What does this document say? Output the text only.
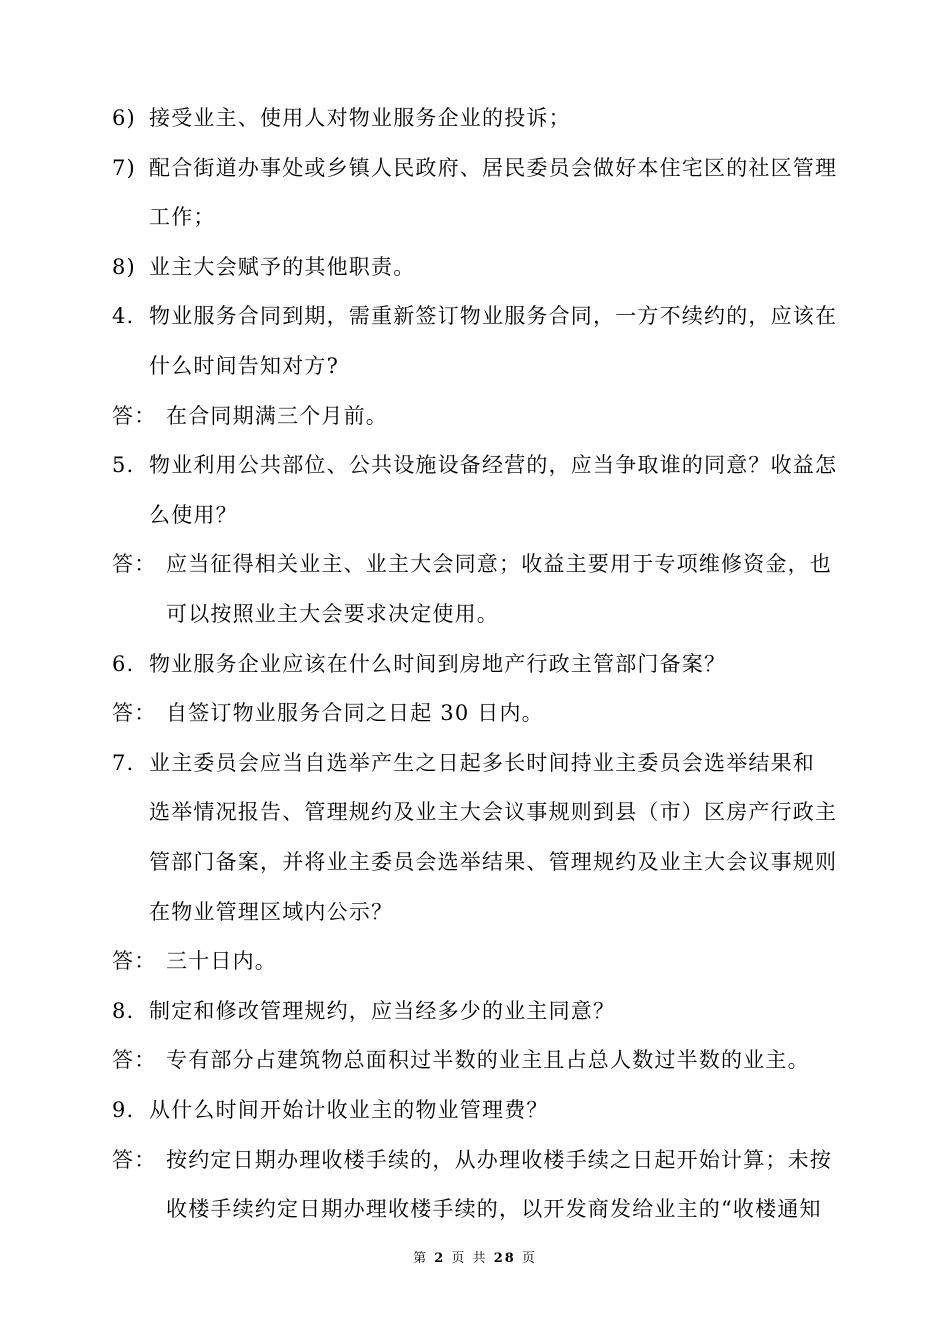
6) 接受业主、使用人对物业服务企业的投诉；
7) 配合街道办事处或乡镇人民政府、居民委员会做好本住宅区的社区管理
工作；
8) 业主大会赋予的其他职责。
4. 物业服务合同到期，需重新签订物业服务合同，一方不续约的，应该在
什么时间告知对方?
答： 在合同期满三个月前。
5. 物业利用公共部位、公共设施设备经营的，应当争取谁的同意？收益怎
么使用？
答： 应当征得相关业主、业主大会同意；收益主要用于专项维修资金，也
可以按照业主大会要求决定使用。
6. 物业服务企业应该在什么时间到房地产行政主管部门备案？
答： 自签订物业服务合同之日起 30 日内。
7. 业主委员会应当自选举产生之日起多长时间持业主委员会选举结果和
选举情况报告、管理规约及业主大会议事规则到县（市）区房产行政主
管部门备案，并将业主委员会选举结果、管理规约及业主大会议事规则
在物业管理区域内公示？
答： 三十日内。
8. 制定和修改管理规约，应当经多少的业主同意？
答： 专有部分占建筑物总面积过半数的业主且占总人数过半数的业主。
9. 从什么时间开始计收业主的物业管理费？
答： 按约定日期办理收楼手续的，从办理收楼手续之日起开始计算；未按
收楼手续约定日期办理收楼手续的，以开发商发给业主的“收楼通知
第 2 页 共 28 页
